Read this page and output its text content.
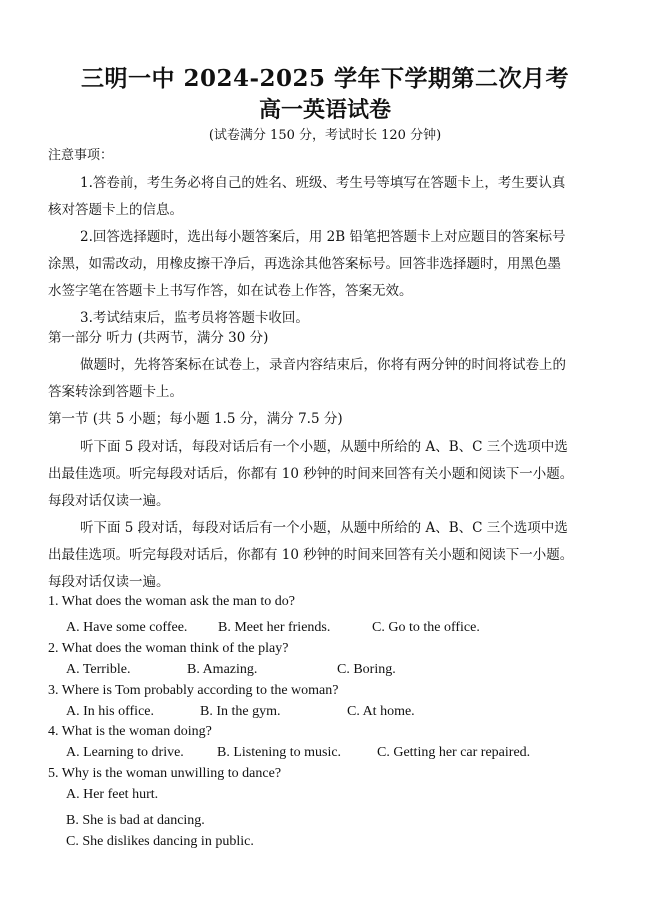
三明一中 2024-2025 学年下学期第二次月考
高一英语试卷
(试卷满分 150 分，考试时长 120 分钟)
注意事项：
1.答卷前，考生务必将自己的姓名、班级、考生号等填写在答题卡上，考生要认真
核对答题卡上的信息。
2.回答选择题时，选出每小题答案后，用 2B 铅笔把答题卡上对应题目的答案标号
涂黑，如需改动，用橡皮擦干净后，再选涂其他答案标号。回答非选择题时，用黑色墨
水签字笔在答题卡上书写作答，如在试卷上作答，答案无效。
3.考试结束后，监考员将答题卡收回。
第一部分 听力 (共两节，满分 30 分)
做题时，先将答案标在试卷上，录音内容结束后，你将有两分钟的时间将试卷上的
答案转涂到答题卡上。
第一节 (共 5 小题；每小题 1.5 分，满分 7.5 分)
听下面 5 段对话，每段对话后有一个小题，从题中所给的 A、B、C 三个选项中选
出最佳选项。听完每段对话后，你都有 10 秒钟的时间来回答有关小题和阅读下一小题。
每段对话仅读一遍。
听下面 5 段对话，每段对话后有一个小题，从题中所给的 A、B、C 三个选项中选
出最佳选项。听完每段对话后，你都有 10 秒钟的时间来回答有关小题和阅读下一小题。
每段对话仅读一遍。
1. What does the woman ask the man to do?
A. Have some coffee. B. Meet her friends.	C. Go to the office.
2. What does the woman think of the play?
A. Terrible.	B. Amazing.	C. Boring.
3. Where is Tom probably according to the woman?
A. In his office.	B. In the gym.	C. At home.
4. What is the woman doing?
A. Learning to drive. B. Listening to music.	C. Getting her car repaired.
5. Why is the woman unwilling to dance?
A. Her feet hurt.
B. She is bad at dancing.
C. She dislikes dancing in public.
